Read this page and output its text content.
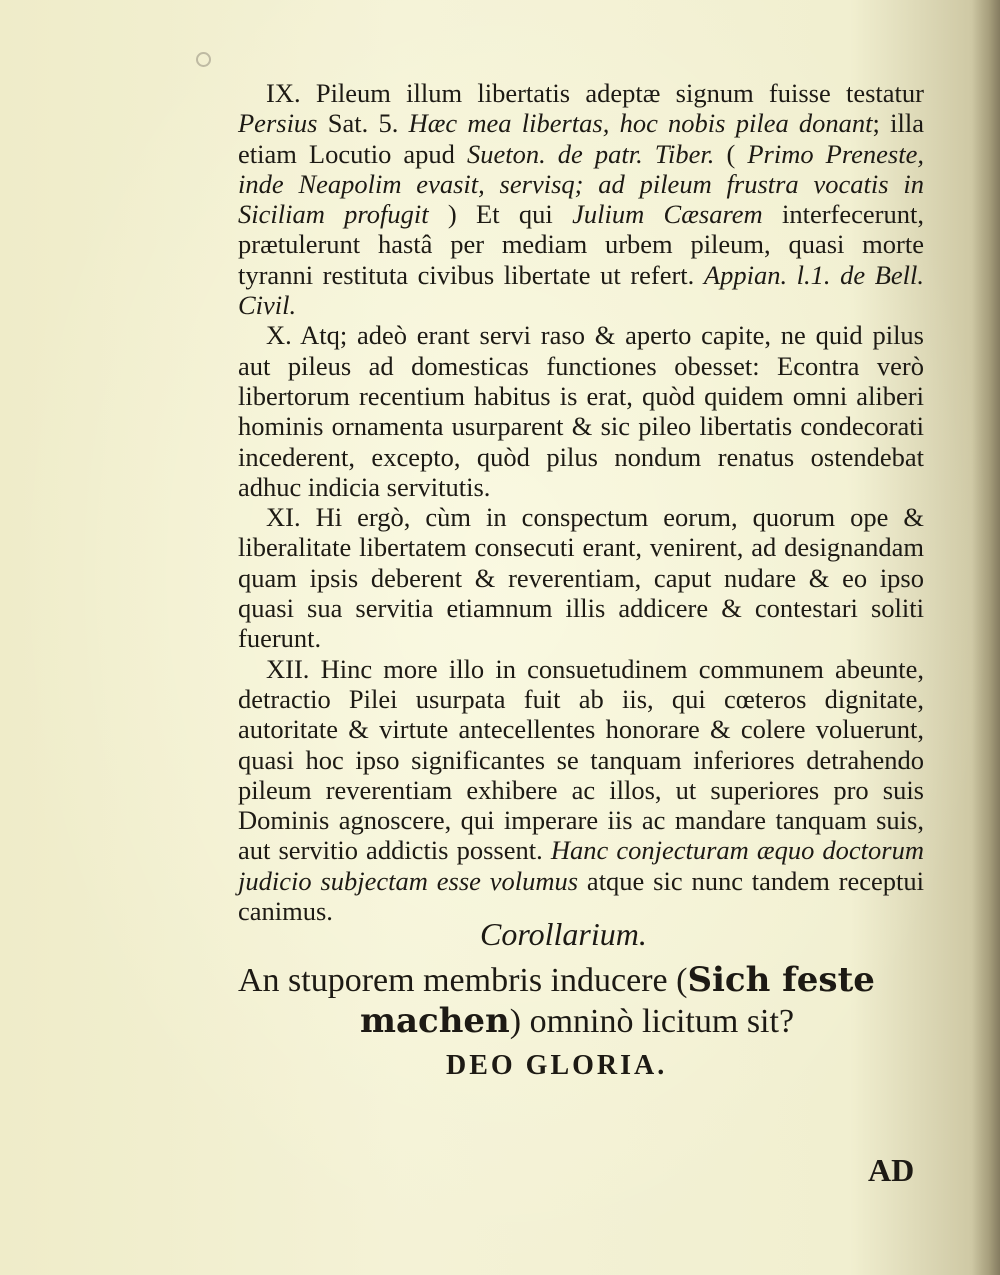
IX. Pileum illum libertatis adeptæ signum fuisse testatur Persius Sat. 5. Hæc mea libertas, hoc nobis pilea donant; illa etiam Locutio apud Sueton. de patr. Tiber. ( Primo Preneste, inde Neapolim evasit, servisq; ad pileum frustra vocatis in Siciliam profugit ) Et qui Julium Cæsarem interfecerunt, prætulerunt hastâ per mediam urbem pileum, quasi morte tyranni restituta civibus libertate ut refert. Appian. l.1. de Bell. Civil.

X. Atq; adeò erant servi raso & aperto capite, ne quid pilus aut pileus ad domesticas functiones obesset: Econtra verò libertorum recentium habitus is erat, quòd quidem omni aliberi hominis ornamenta usurparent & sic pileo libertatis condecorati incederent, excepto, quòd pilus nondum renatus ostendebat adhuc indicia servitutis.

XI. Hi ergò, cùm in conspectum eorum, quorum ope & liberalitate libertatem consecuti erant, venirent, ad designandam quam ipsis deberent & reverentiam, caput nudare & eo ipso quasi sua servitia etiamnum illis addicere & contestari soliti fuerunt.

XII. Hinc more illo in consuetudinem communem abeunte, detractio Pilei usurpata fuit ab iis, qui cœteros dignitate, autoritate & virtute antecellentes honorare & colere voluerunt, quasi hoc ipso significantes se tanquam inferiores detrahendo pileum reverentiam exhibere ac illos, ut superiores pro suis Dominis agnoscere, qui imperare iis ac mandare tanquam suis, aut servitio addictis possent. Hanc conjecturam æquo doctorum judicio subjectam esse volumus atque sic nunc tandem receptui canimus.

Corollarium.
An stuporem membris inducere (Sich feste
machen) omninò licitum sit?
DEO GLORIA.
AD
